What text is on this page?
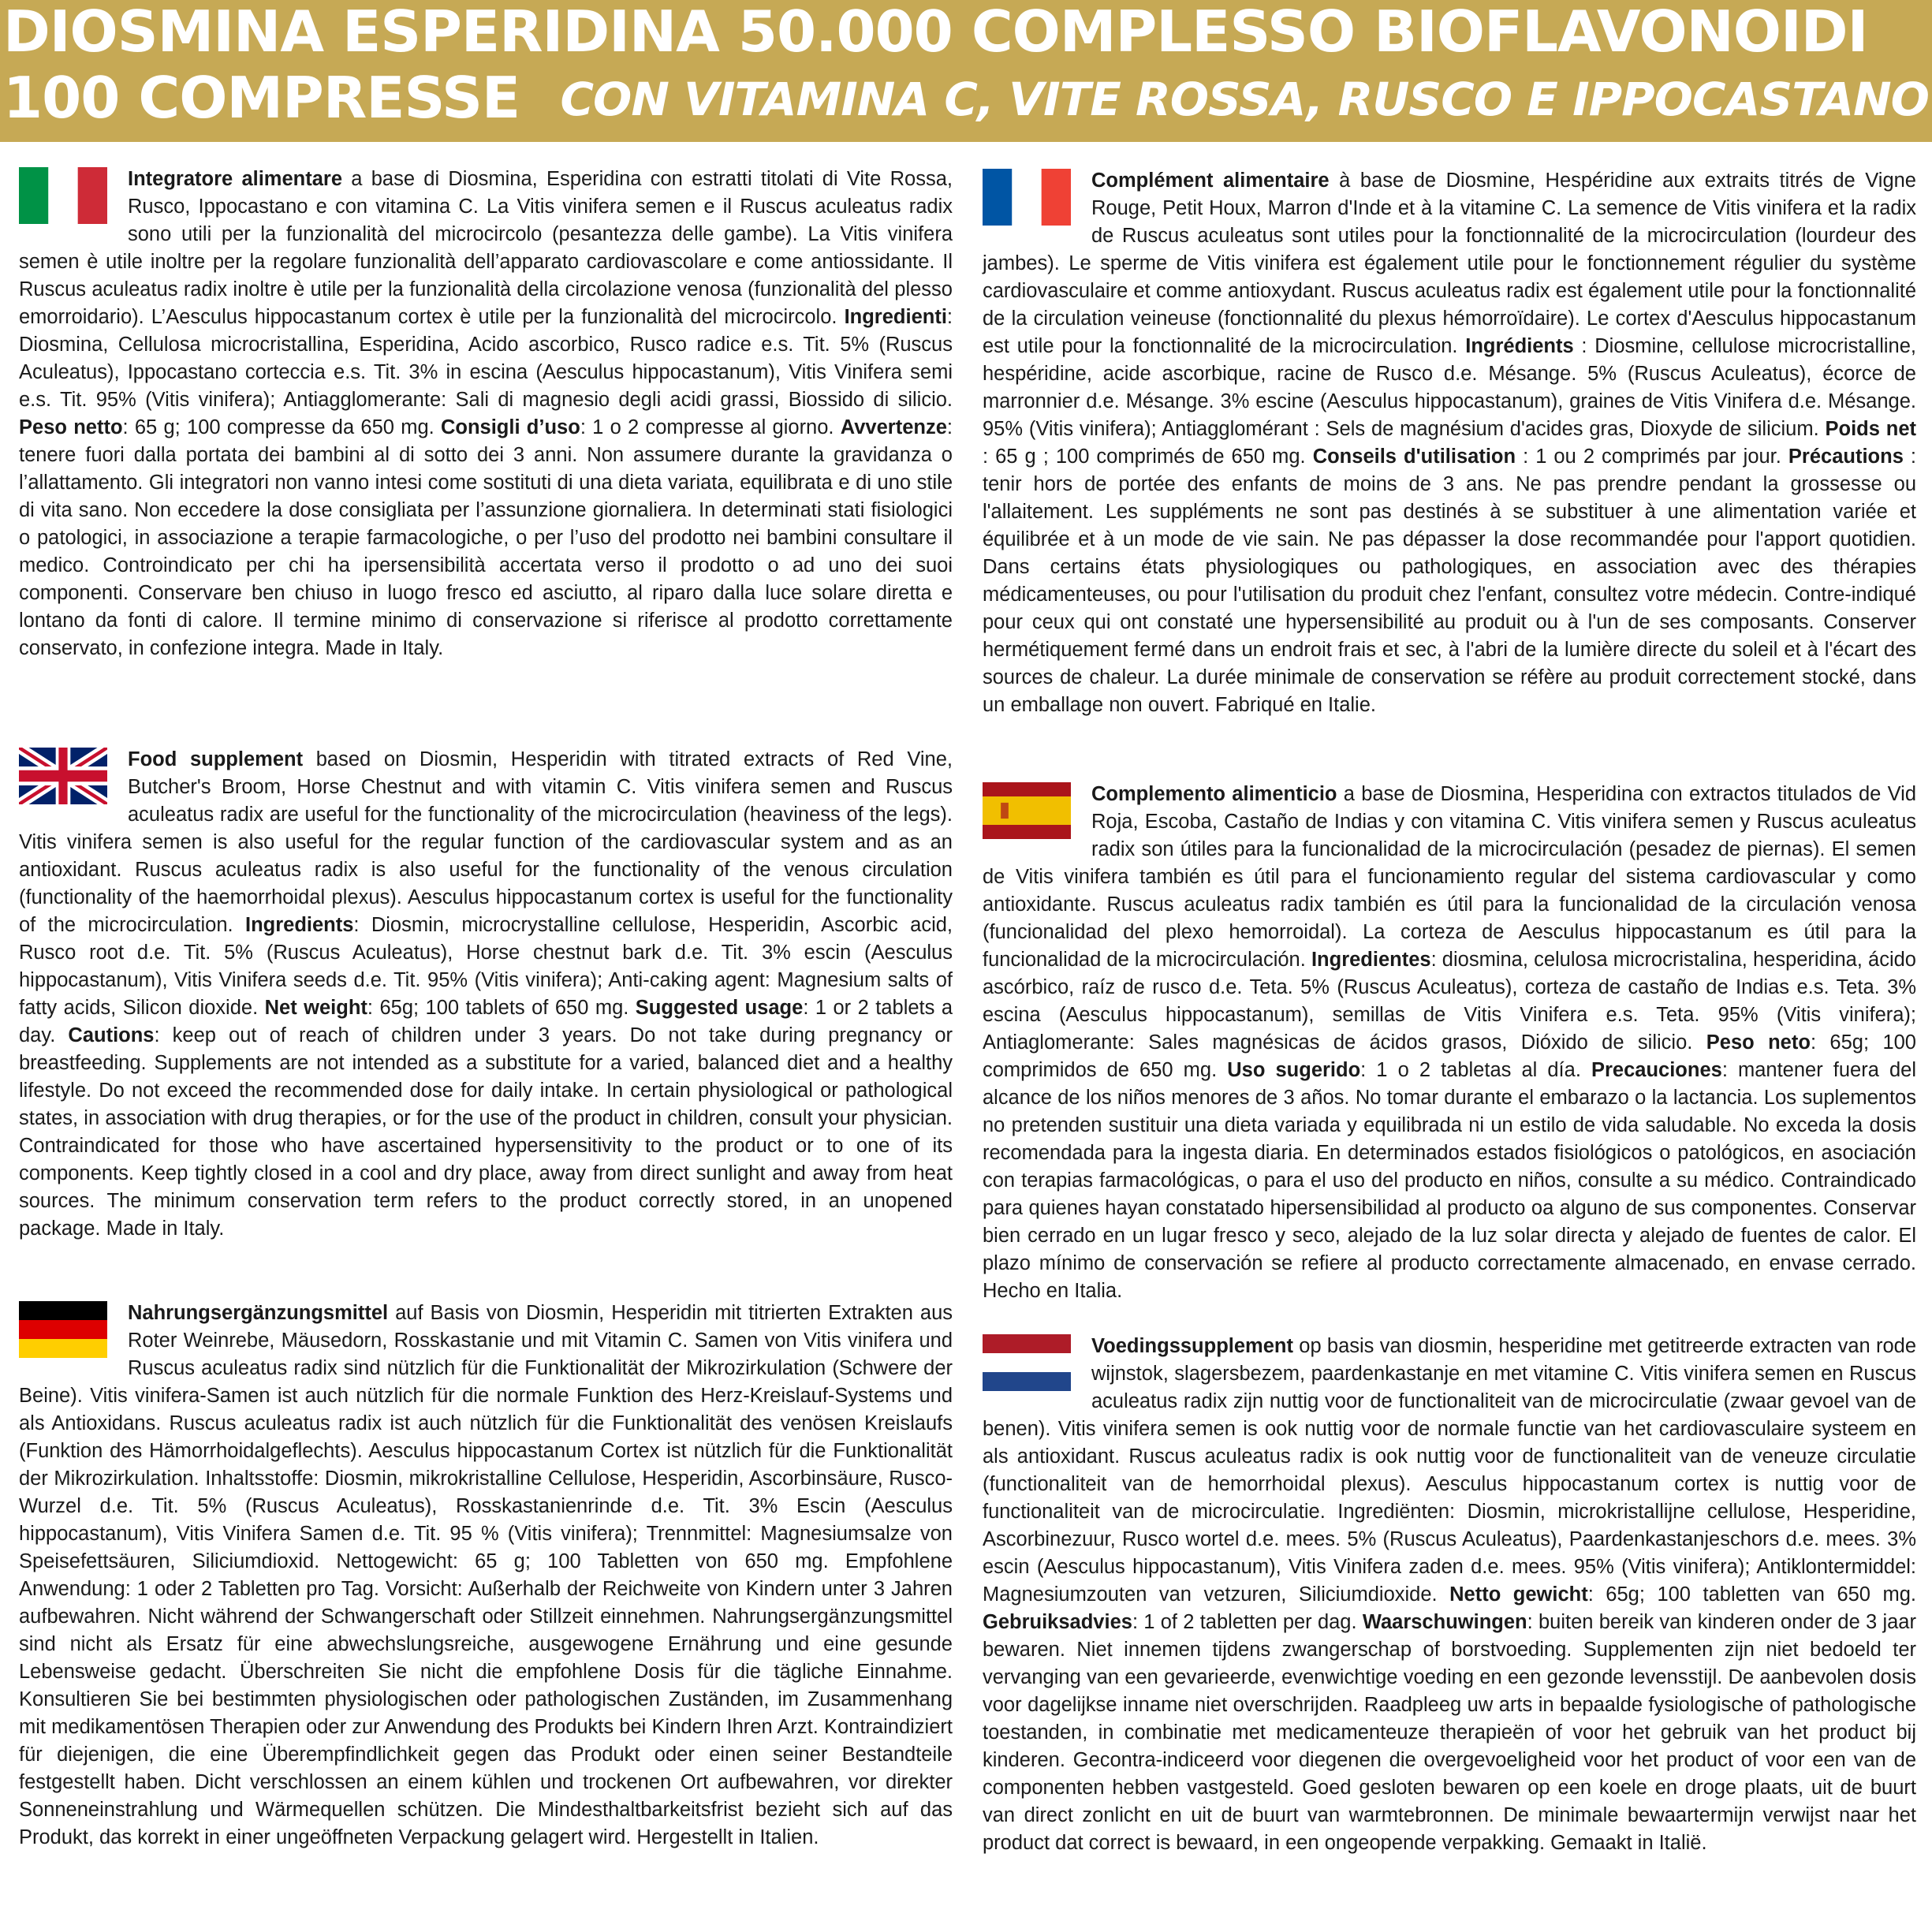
DIOSMINA ESPERIDINA 50.000 COMPLESSO BIOFLAVONOIDI
100 COMPRESSE CON VITAMINA C, VITE ROSSA, RUSCO E IPPOCASTANO

Integratore alimentare a base di Diosmina, Esperidina con estratti titolati di Vite Rossa, Rusco, Ippocastano e con vitamina C. La Vitis vinifera semen e il Ruscus aculeatus radix sono utili per la funzionalità del microcircolo (pesantezza delle gambe). La Vitis vinifera semen è utile inoltre per la regolare funzionalità dell’apparato cardiovascolare e come antiossidante. Il Ruscus aculeatus radix inoltre è utile per la funzionalità della circolazione venosa (funzionalità del plesso emorroidario). L’Aesculus hippocastanum cortex è utile per la funzionalità del microcircolo. Ingredienti: Diosmina, Cellulosa microcristallina, Esperidina, Acido ascorbico, Rusco radice e.s. Tit. 5% (Ruscus Aculeatus), Ippocastano corteccia e.s. Tit. 3% in escina (Aesculus hippocastanum), Vitis Vinifera semi e.s. Tit. 95% (Vitis vinifera); Antiagglomerante: Sali di magnesio degli acidi grassi, Biossido di silicio. Peso netto: 65 g; 100 compresse da 650 mg. Consigli d’uso: 1 o 2 compresse al giorno. Avvertenze: tenere fuori dalla portata dei bambini al di sotto dei 3 anni. Non assumere durante la gravidanza o l’allattamento. Gli integratori non vanno intesi come sostituti di una dieta variata, equilibrata e di uno stile di vita sano. Non eccedere la dose consigliata per l’assunzione giornaliera. In determinati stati fisiologici o patologici, in associazione a terapie farmacologiche, o per l’uso del prodotto nei bambini consultare il medico. Controindicato per chi ha ipersensibilità accertata verso il prodotto o ad uno dei suoi componenti. Conservare ben chiuso in luogo fresco ed asciutto, al riparo dalla luce solare diretta e lontano da fonti di calore. Il termine minimo di conservazione si riferisce al prodotto correttamente conservato, in confezione integra. Made in Italy.

Food supplement based on Diosmin, Hesperidin with titrated extracts of Red Vine, Butcher's Broom, Horse Chestnut and with vitamin C. Vitis vinifera semen and Ruscus aculeatus radix are useful for the functionality of the microcirculation (heaviness of the legs). Vitis vinifera semen is also useful for the regular function of the cardiovascular system and as an antioxidant. Ruscus aculeatus radix is also useful for the functionality of the venous circulation (functionality of the haemorrhoidal plexus). Aesculus hippocastanum cortex is useful for the functionality of the microcirculation. Ingredients: Diosmin, microcrystalline cellulose, Hesperidin, Ascorbic acid, Rusco root d.e. Tit. 5% (Ruscus Aculeatus), Horse chestnut bark d.e. Tit. 3% escin (Aesculus hippocastanum), Vitis Vinifera seeds d.e. Tit. 95% (Vitis vinifera); Anti-caking agent: Magnesium salts of fatty acids, Silicon dioxide. Net weight: 65g; 100 tablets of 650 mg. Suggested usage: 1 or 2 tablets a day. Cautions: keep out of reach of children under 3 years. Do not take during pregnancy or breastfeeding. Supplements are not intended as a substitute for a varied, balanced diet and a healthy lifestyle. Do not exceed the recommended dose for daily intake. In certain physiological or pathological states, in association with drug therapies, or for the use of the product in children, consult your physician. Contraindicated for those who have ascertained hypersensitivity to the product or to one of its components. Keep tightly closed in a cool and dry place, away from direct sunlight and away from heat sources. The minimum conservation term refers to the product correctly stored, in an unopened package. Made in Italy.

Nahrungsergänzungsmittel auf Basis von Diosmin, Hesperidin mit titrierten Extrakten aus Roter Weinrebe, Mäusedorn, Rosskastanie und mit Vitamin C. Samen von Vitis vinifera und Ruscus aculeatus radix sind nützlich für die Funktionalität der Mikrozirkulation (Schwere der Beine). Vitis vinifera-Samen ist auch nützlich für die normale Funktion des Herz-Kreislauf-Systems und als Antioxidans. Ruscus aculeatus radix ist auch nützlich für die Funktionalität des venösen Kreislaufs (Funktion des Hämorrhoidalgeflechts). Aesculus hippocastanum Cortex ist nützlich für die Funktionalität der Mikrozirkulation. Inhaltsstoffe: Diosmin, mikrokristalline Cellulose, Hesperidin, Ascorbinsäure, Rusco-Wurzel d.e. Tit. 5% (Ruscus Aculeatus), Rosskastanienrinde d.e. Tit. 3% Escin (Aesculus hippocastanum), Vitis Vinifera Samen d.e. Tit. 95 % (Vitis vinifera); Trennmittel: Magnesiumsalze von Speisefettsäuren, Siliciumdioxid. Nettogewicht: 65 g; 100 Tabletten von 650 mg. Empfohlene Anwendung: 1 oder 2 Tabletten pro Tag. Vorsicht: Außerhalb der Reichweite von Kindern unter 3 Jahren aufbewahren. Nicht während der Schwangerschaft oder Stillzeit einnehmen. Nahrungsergänzungsmittel sind nicht als Ersatz für eine abwechslungsreiche, ausgewogene Ernährung und eine gesunde Lebensweise gedacht. Überschreiten Sie nicht die empfohlene Dosis für die tägliche Einnahme. Konsultieren Sie bei bestimmten physiologischen oder pathologischen Zuständen, im Zusammenhang mit medikamentösen Therapien oder zur Anwendung des Produkts bei Kindern Ihren Arzt. Kontraindiziert für diejenigen, die eine Überempfindlichkeit gegen das Produkt oder einen seiner Bestandteile festgestellt haben. Dicht verschlossen an einem kühlen und trockenen Ort aufbewahren, vor direkter Sonneneinstrahlung und Wärmequellen schützen. Die Mindesthaltbarkeitsfrist bezieht sich auf das Produkt, das korrekt in einer ungeöffneten Verpackung gelagert wird. Hergestellt in Italien.

Complément alimentaire à base de Diosmine, Hespéridine aux extraits titrés de Vigne Rouge, Petit Houx, Marron d'Inde et à la vitamine C. La semence de Vitis vinifera et la radix de Ruscus aculeatus sont utiles pour la fonctionnalité de la microcirculation (lourdeur des jambes). Le sperme de Vitis vinifera est également utile pour le fonctionnement régulier du système cardiovasculaire et comme antioxydant. Ruscus aculeatus radix est également utile pour la fonctionnalité de la circulation veineuse (fonctionnalité du plexus hémorroïdaire). Le cortex d'Aesculus hippocastanum est utile pour la fonctionnalité de la microcirculation. Ingrédients : Diosmine, cellulose microcristalline, hespéridine, acide ascorbique, racine de Rusco d.e. Mésange. 5% (Ruscus Aculeatus), écorce de marronnier d.e. Mésange. 3% escine (Aesculus hippocastanum), graines de Vitis Vinifera d.e. Mésange. 95% (Vitis vinifera); Antiagglomérant : Sels de magnésium d'acides gras, Dioxyde de silicium. Poids net : 65 g ; 100 comprimés de 650 mg. Conseils d'utilisation : 1 ou 2 comprimés par jour. Précautions : tenir hors de portée des enfants de moins de 3 ans. Ne pas prendre pendant la grossesse ou l'allaitement. Les suppléments ne sont pas destinés à se substituer à une alimentation variée et équilibrée et à un mode de vie sain. Ne pas dépasser la dose recommandée pour l'apport quotidien. Dans certains états physiologiques ou pathologiques, en association avec des thérapies médicamenteuses, ou pour l'utilisation du produit chez l'enfant, consultez votre médecin. Contre-indiqué pour ceux qui ont constaté une hypersensibilité au produit ou à l'un de ses composants. Conserver hermétiquement fermé dans un endroit frais et sec, à l'abri de la lumière directe du soleil et à l'écart des sources de chaleur. La durée minimale de conservation se réfère au produit correctement stocké, dans un emballage non ouvert. Fabriqué en Italie.

Complemento alimenticio a base de Diosmina, Hesperidina con extractos titulados de Vid Roja, Escoba, Castaño de Indias y con vitamina C. Vitis vinifera semen y Ruscus aculeatus radix son útiles para la funcionalidad de la microcirculación (pesadez de piernas). El semen de Vitis vinifera también es útil para el funcionamiento regular del sistema cardiovascular y como antioxidante. Ruscus aculeatus radix también es útil para la funcionalidad de la circulación venosa (funcionalidad del plexo hemorroidal). La corteza de Aesculus hippocastanum es útil para la funcionalidad de la microcirculación. Ingredientes: diosmina, celulosa microcristalina, hesperidina, ácido ascórbico, raíz de rusco d.e. Teta. 5% (Ruscus Aculeatus), corteza de castaño de Indias e.s. Teta. 3% escina (Aesculus hippocastanum), semillas de Vitis Vinifera e.s. Teta. 95% (Vitis vinifera); Antiaglomerante: Sales magnésicas de ácidos grasos, Dióxido de silicio. Peso neto: 65g; 100 comprimidos de 650 mg. Uso sugerido: 1 o 2 tabletas al día. Precauciones: mantener fuera del alcance de los niños menores de 3 años. No tomar durante el embarazo o la lactancia. Los suplementos no pretenden sustituir una dieta variada y equilibrada ni un estilo de vida saludable. No exceda la dosis recomendada para la ingesta diaria. En determinados estados fisiológicos o patológicos, en asociación con terapias farmacológicas, o para el uso del producto en niños, consulte a su médico. Contraindicado para quienes hayan constatado hipersensibilidad al producto oa alguno de sus componentes. Conservar bien cerrado en un lugar fresco y seco, alejado de la luz solar directa y alejado de fuentes de calor. El plazo mínimo de conservación se refiere al producto correctamente almacenado, en envase cerrado. Hecho en Italia.

Voedingssupplement op basis van diosmin, hesperidine met getitreerde extracten van rode wijnstok, slagersbezem, paardenkastanje en met vitamine C. Vitis vinifera semen en Ruscus aculeatus radix zijn nuttig voor de functionaliteit van de microcirculatie (zwaar gevoel van de benen). Vitis vinifera semen is ook nuttig voor de normale functie van het cardiovasculaire systeem en als antioxidant. Ruscus aculeatus radix is ook nuttig voor de functionaliteit van de veneuze circulatie (functionaliteit van de hemorrhoidal plexus). Aesculus hippocastanum cortex is nuttig voor de functionaliteit van de microcirculatie. Ingrediënten: Diosmin, microkristallijne cellulose, Hesperidine, Ascorbinezuur, Rusco wortel d.e. mees. 5% (Ruscus Aculeatus), Paardenkastanjeschors d.e. mees. 3% escin (Aesculus hippocastanum), Vitis Vinifera zaden d.e. mees. 95% (Vitis vinifera); Antiklontermiddel: Magnesiumzouten van vetzuren, Siliciumdioxide. Netto gewicht: 65g; 100 tabletten van 650 mg. Gebruiksadvies: 1 of 2 tabletten per dag. Waarschuwingen: buiten bereik van kinderen onder de 3 jaar bewaren. Niet innemen tijdens zwangerschap of borstvoeding. Supplementen zijn niet bedoeld ter vervanging van een gevarieerde, evenwichtige voeding en een gezonde levensstijl. De aanbevolen dosis voor dagelijkse inname niet overschrijden. Raadpleeg uw arts in bepaalde fysiologische of pathologische toestanden, in combinatie met medicamenteuze therapieën of voor het gebruik van het product bij kinderen. Gecontra-indiceerd voor diegenen die overgevoeligheid voor het product of voor een van de componenten hebben vastgesteld. Goed gesloten bewaren op een koele en droge plaats, uit de buurt van direct zonlicht en uit de buurt van warmtebronnen. De minimale bewaartermijn verwijst naar het product dat correct is bewaard, in een ongeopende verpakking. Gemaakt in Italië.
